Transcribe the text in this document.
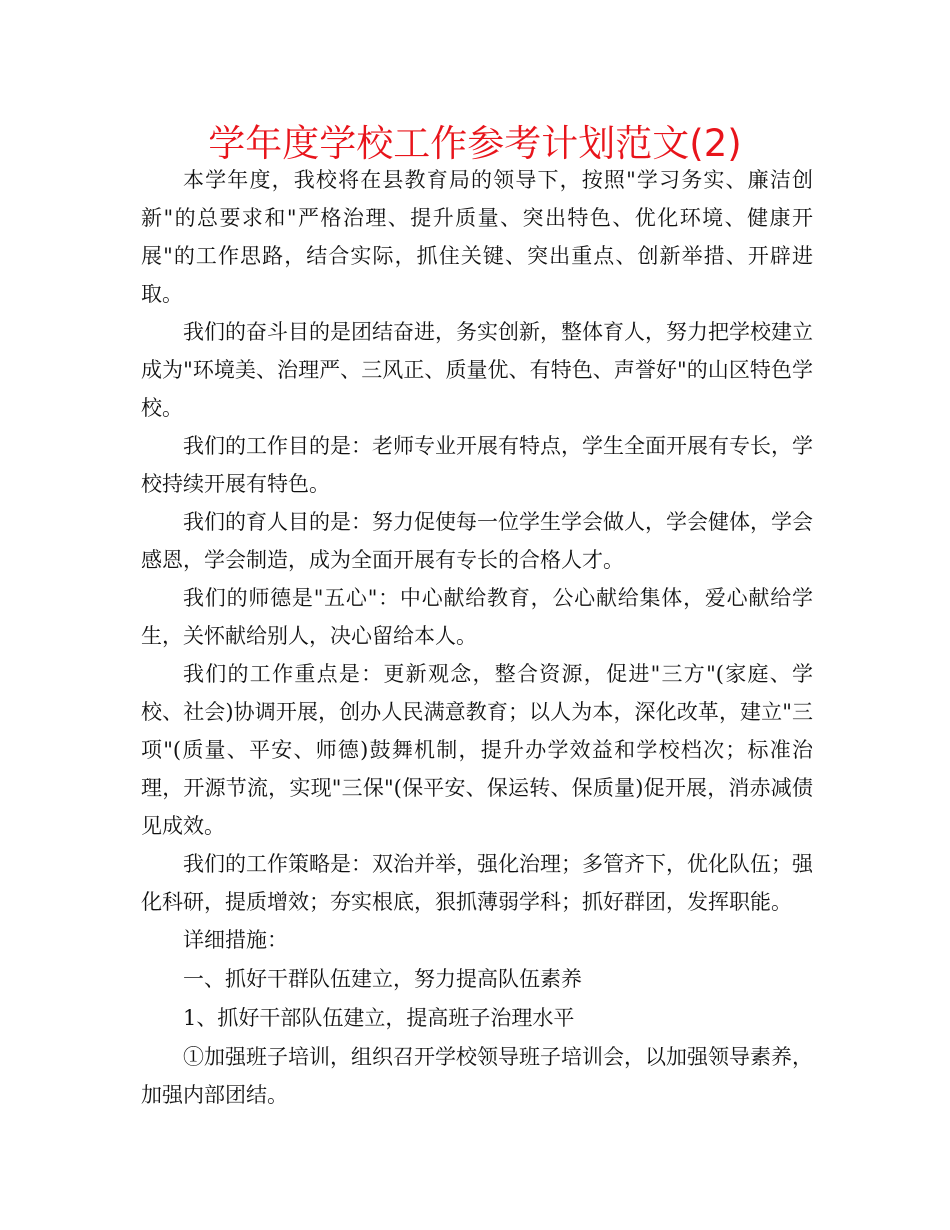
学年度学校工作参考计划范文(2)

本学年度，我校将在县教育局的领导下，按照"学习务实、廉洁创新"的总要求和"严格治理、提升质量、突出特色、优化环境、健康开展"的工作思路，结合实际，抓住关键、突出重点、创新举措、开辟进取。

我们的奋斗目的是团结奋进，务实创新，整体育人，努力把学校建立成为"环境美、治理严、三风正、质量优、有特色、声誉好"的山区特色学校。

我们的工作目的是：老师专业开展有特点，学生全面开展有专长，学校持续开展有特色。

我们的育人目的是：努力促使每一位学生学会做人，学会健体，学会感恩，学会制造，成为全面开展有专长的合格人才。

我们的师德是"五心"：中心献给教育，公心献给集体，爱心献给学生，关怀献给别人，决心留给本人。

我们的工作重点是：更新观念，整合资源，促进"三方"(家庭、学校、社会)协调开展，创办人民满意教育；以人为本，深化改革，建立"三项"(质量、平安、师德)鼓舞机制，提升办学效益和学校档次；标准治理，开源节流，实现"三保"(保平安、保运转、保质量)促开展，消赤减债见成效。

我们的工作策略是：双治并举，强化治理；多管齐下，优化队伍；强化科研，提质增效；夯实根底，狠抓薄弱学科；抓好群团，发挥职能。

详细措施：

一、抓好干群队伍建立，努力提高队伍素养

1、抓好干部队伍建立，提高班子治理水平

①加强班子培训，组织召开学校领导班子培训会，以加强领导素养，加强内部团结。
